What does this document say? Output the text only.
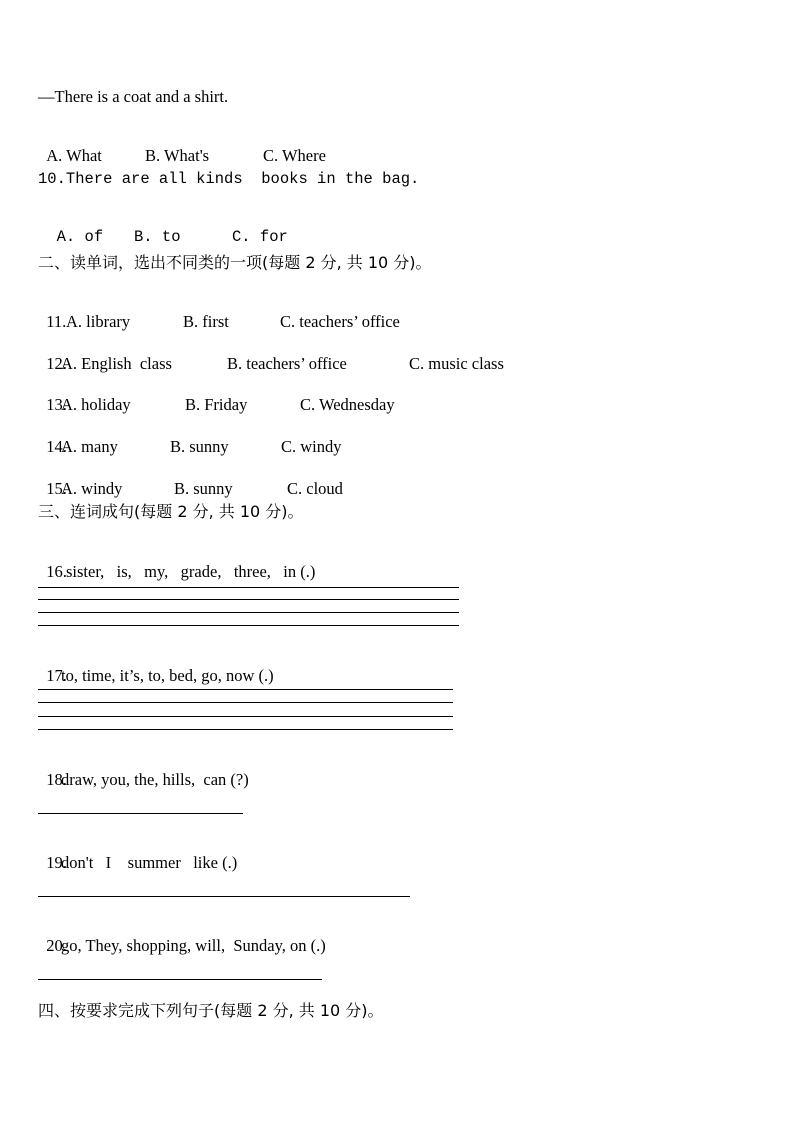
—There is a coat and a shirt.

A. What	B. What's	C. Where

10.There are all kinds  books in the bag.

A. of B. to	C. for

二、读单词，选出不同类的一项(每题 2 分, 共 10 分)。

11. A. library	B. first	C. teachers’ office

12.
A. English  class	B. teachers’ office	C. music class

13.
A. holiday	B. Friday	C. Wednesday

14.
A. many	B. sunny	C. windy

15.
A. windy	B. sunny	C. cloud

三、连词成句(每题 2 分, 共 10 分)。

16. sister,   is,   my,   grade,   three,   in (.)

17.
to, time, it’s, to, bed, go, now (.)

18.
draw, you, the, hills,  can (?)

19.
don't   I    summer   like (.)

20.
go, They, shopping, will,  Sunday, on (.)

四、按要求完成下列句子(每题 2 分, 共 10 分)。
